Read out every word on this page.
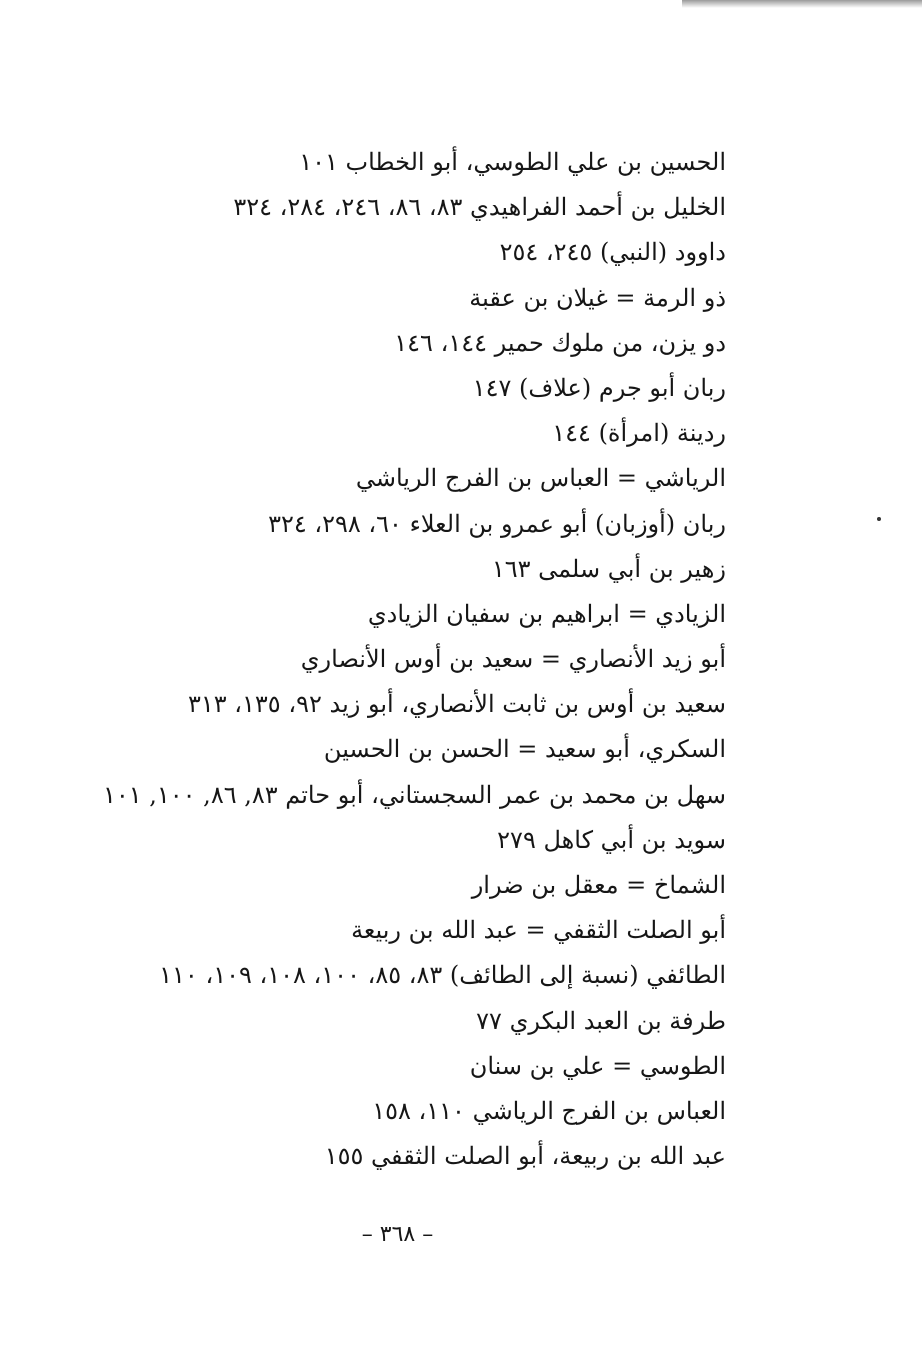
الحسين بن علي الطوسي، أبو الخطاب ١٠١
الخليل بن أحمد الفراهيدي ٨٣، ٨٦، ٢٤٦، ٢٨٤، ٣٢٤
داوود (النبي) ٢٤٥، ٢٥٤
ذو الرمة = غيلان بن عقبة
دو يزن، من ملوك حمير ١٤٤، ١٤٦
ربان أبو جرم (علاف) ١٤٧
ردينة (امرأة) ١٤٤
الرياشي = العباس بن الفرج الرياشي
ربان (أوزبان) أبو عمرو بن العلاء ٦٠، ٢٩٨، ٣٢٤
زهير بن أبي سلمى ١٦٣
الزيادي = ابراهيم بن سفيان الزيادي
أبو زيد الأنصاري = سعيد بن أوس الأنصاري
سعيد بن أوس بن ثابت الأنصاري، أبو زيد ٩٢، ١٣٥، ٣١٣
السكري، أبو سعيد = الحسن بن الحسين
سهل بن محمد بن عمر السجستاني، أبو حاتم ٨٣, ٨٦, ١٠٠, ١٠١
سويد بن أبي كاهل ٢٧٩
الشماخ = معقل بن ضرار
أبو الصلت الثقفي = عبد الله بن ربيعة
الطائفي (نسبة إلى الطائف) ٨٣، ٨٥، ١٠٠، ١٠٨، ١٠٩، ١١٠
طرفة بن العبد البكري ٧٧
الطوسي = علي بن سنان
العباس بن الفرج الرياشي ١١٠، ١٥٨
عبد الله بن ربيعة، أبو الصلت الثقفي ١٥٥
– ٣٦٨ –
